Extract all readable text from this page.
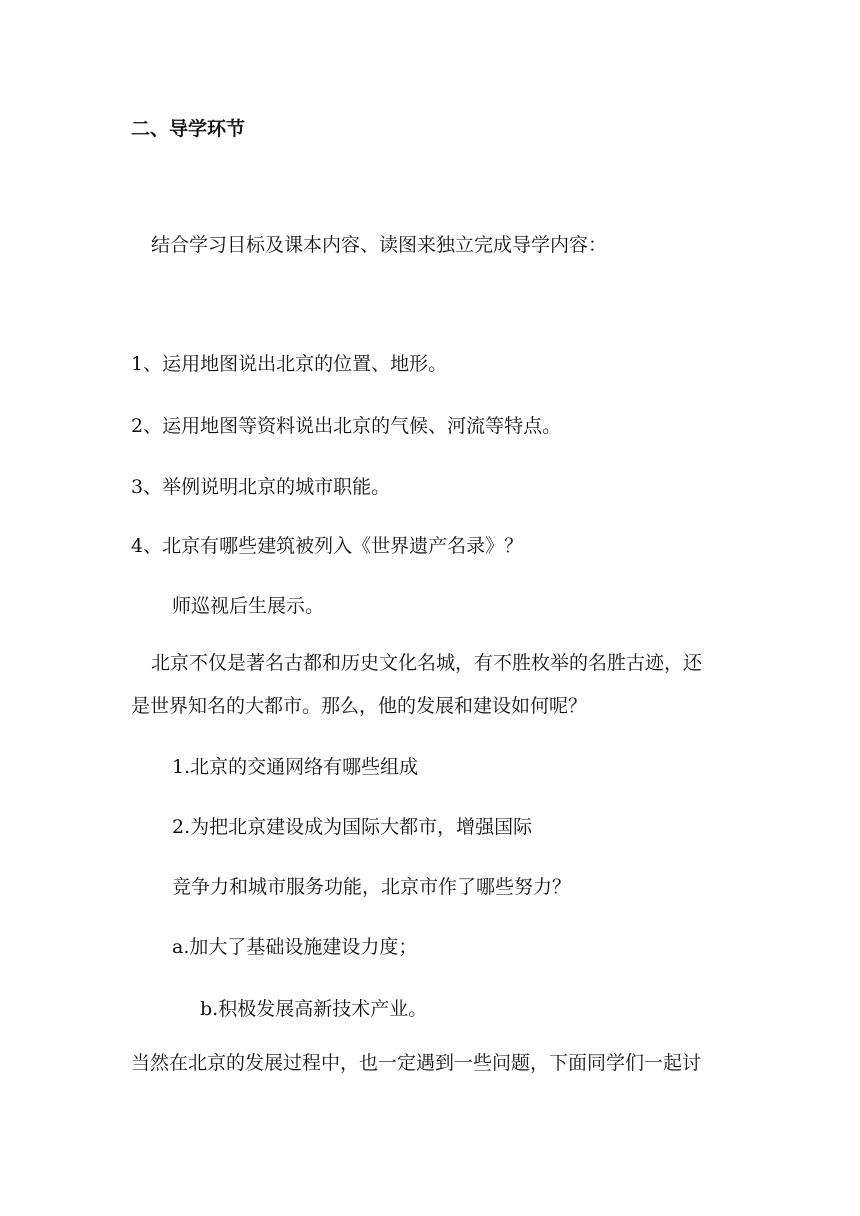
二、导学环节
结合学习目标及课本内容、读图来独立完成导学内容：
1、运用地图说出北京的位置、地形。
2、运用地图等资料说出北京的气候、河流等特点。
3、举例说明北京的城市职能。
4、北京有哪些建筑被列入《世界遗产名录》？
师巡视后生展示。
北京不仅是著名古都和历史文化名城，有不胜枚举的名胜古迹，还
是世界知名的大都市。那么，他的发展和建设如何呢？
1.北京的交通网络有哪些组成
2.为把北京建设成为国际大都市，增强国际
竞争力和城市服务功能，北京市作了哪些努力？
a.加大了基础设施建设力度；
b.积极发展高新技术产业。
当然在北京的发展过程中，也一定遇到一些问题，下面同学们一起讨
